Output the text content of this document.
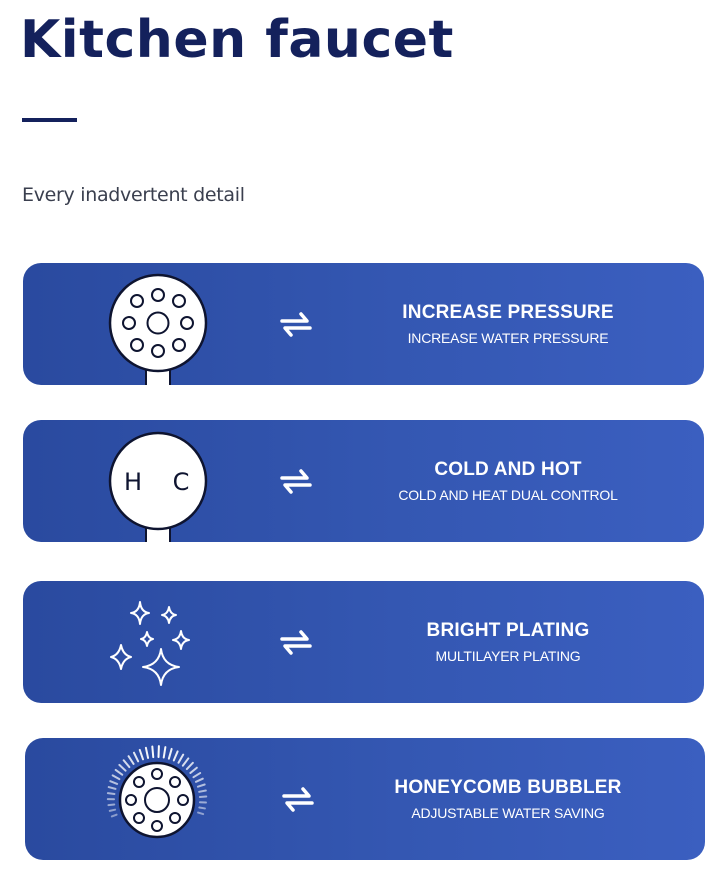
Kitchen faucet
Every inadvertent detail
INCREASE PRESSURE
INCREASE WATER PRESSURE
H C	COLD AND HOT
COLD AND HEAT DUAL CONTROL
BRIGHT PLATING
MULTILAYER PLATING
HONEYCOMB BUBBLER
ADJUSTABLE WATER SAVING
